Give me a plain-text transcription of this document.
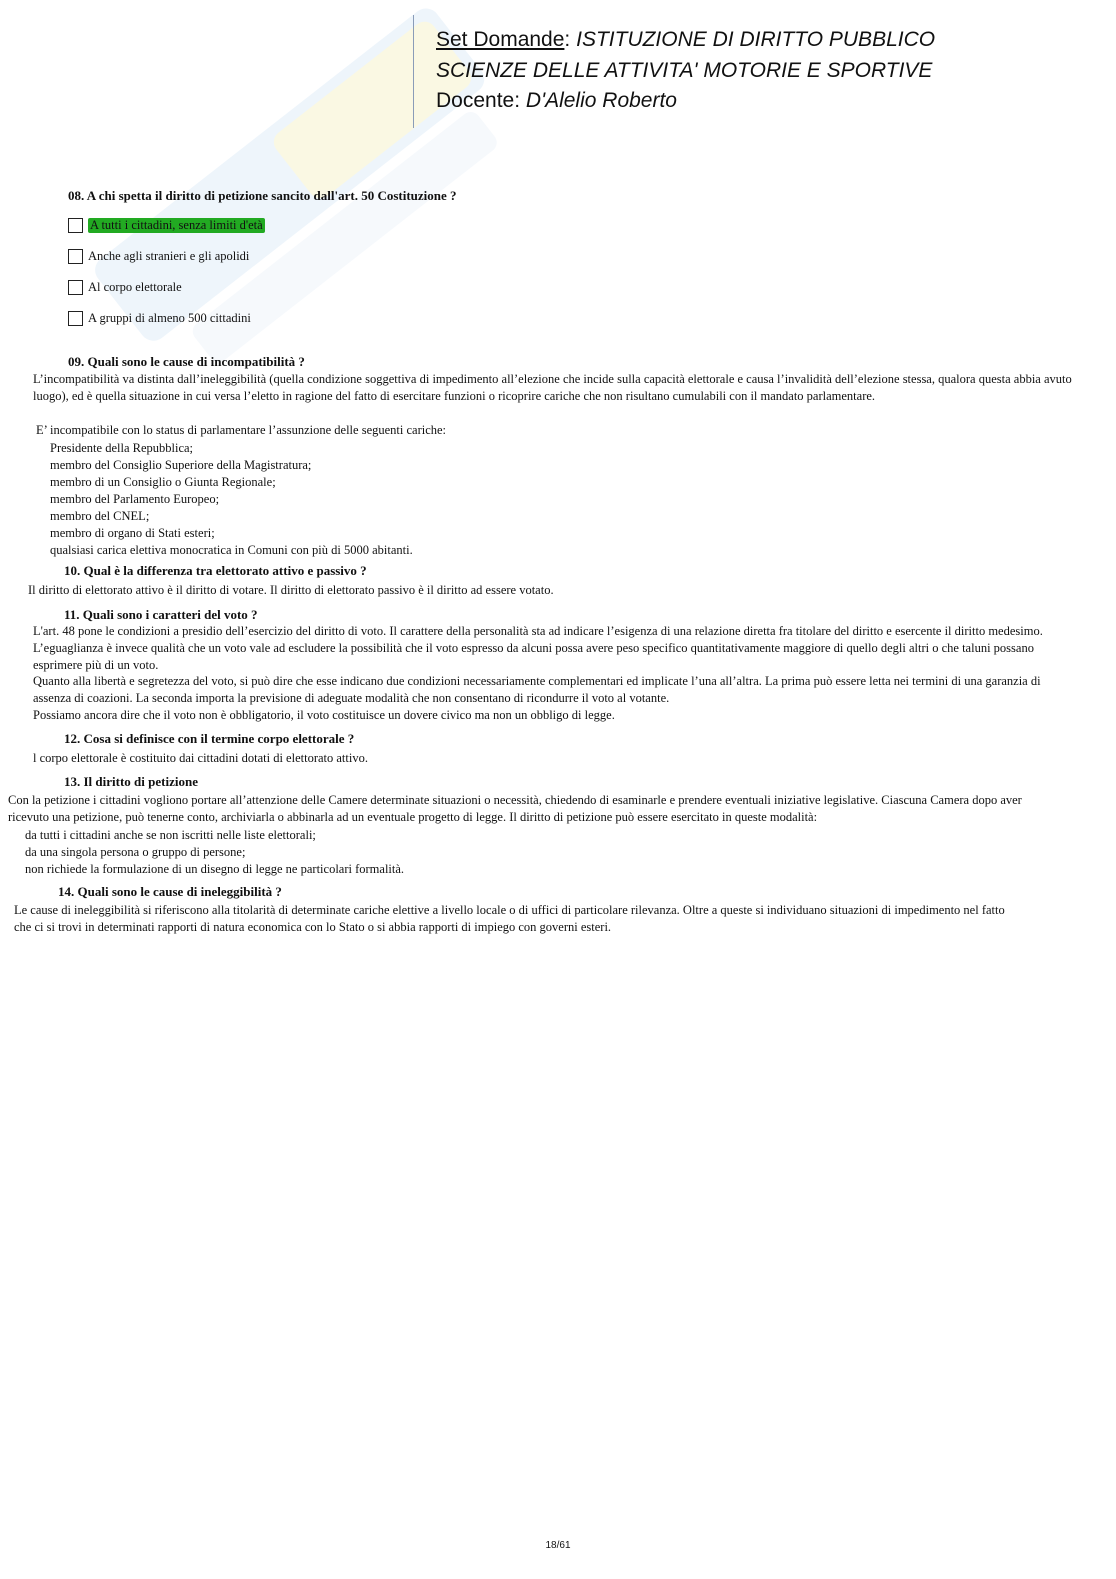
Set Domande: ISTITUZIONE DI DIRITTO PUBBLICO
SCIENZE DELLE ATTIVITA' MOTORIE E SPORTIVE
Docente: D'Alelio Roberto
08. A chi spetta il diritto di petizione sancito dall'art. 50 Costituzione ?
A tutti i cittadini, senza limiti d'età
Anche agli stranieri e gli apolidi
Al corpo elettorale
A gruppi di almeno 500 cittadini
09. Quali sono le cause di incompatibilità ?
L’incompatibilità va distinta dall’ineleggibilità (quella condizione soggettiva di impedimento all’elezione che incide sulla capacità elettorale e causa l’invalidità dell’elezione stessa, qualora questa abbia avuto luogo), ed è quella situazione in cui versa l’eletto in ragione del fatto di esercitare funzioni o ricoprire cariche che non risultano cumulabili con il mandato parlamentare.
E’ incompatibile con lo status di parlamentare l’assunzione delle seguenti cariche:
Presidente della Repubblica;
membro del Consiglio Superiore della Magistratura;
membro di un Consiglio o Giunta Regionale;
membro del Parlamento Europeo;
membro del CNEL;
membro di organo di Stati esteri;
qualsiasi carica elettiva monocratica in Comuni con più di 5000 abitanti.
10. Qual è la differenza tra elettorato attivo e passivo ?
Il diritto di elettorato attivo è il diritto di votare. Il diritto di elettorato passivo è il diritto ad essere votato.
11. Quali sono i caratteri del voto ?
L'art. 48 pone le condizioni a presidio dell’esercizio del diritto di voto. Il carattere della personalità sta ad indicare l’esigenza di una relazione diretta fra titolare del diritto e esercente il diritto medesimo. L’eguaglianza è invece qualità che un voto vale ad escludere la possibilità che il voto espresso da alcuni possa avere peso specifico quantitativamente maggiore di quello degli altri o che taluni possano esprimere più di un voto.
Quanto alla libertà e segretezza del voto, si può dire che esse indicano due condizioni necessariamente complementari ed implicate l’una all’altra. La prima può essere letta nei termini di una garanzia di assenza di coazioni. La seconda importa la previsione di adeguate modalità che non consentano di ricondurre il voto al votante.
Possiamo ancora dire che il voto non è obbligatorio, il voto costituisce un dovere civico ma non un obbligo di legge.
12. Cosa si definisce con il termine corpo elettorale ?
l corpo elettorale è costituito dai cittadini dotati di elettorato attivo.
13. Il diritto di petizione
Con la petizione i cittadini vogliono portare all’attenzione delle Camere determinate situazioni o necessità, chiedendo di esaminarle e prendere eventuali iniziative legislative. Ciascuna Camera dopo aver ricevuto una petizione, può tenerne conto, archiviarla o abbinarla ad un eventuale progetto di legge. Il diritto di petizione può essere esercitato in queste modalità:
da tutti i cittadini anche se non iscritti nelle liste elettorali;
da una singola persona o gruppo di persone;
non richiede la formulazione di un disegno di legge ne particolari formalità.
14. Quali sono le cause di ineleggibilità ?
Le cause di ineleggibilità si riferiscono alla titolarità di determinate cariche elettive a livello locale o di uffici di particolare rilevanza. Oltre a queste si individuano situazioni di impedimento nel fatto che ci si trovi in determinati rapporti di natura economica con lo Stato o si abbia rapporti di impiego con governi esteri.
18/61
